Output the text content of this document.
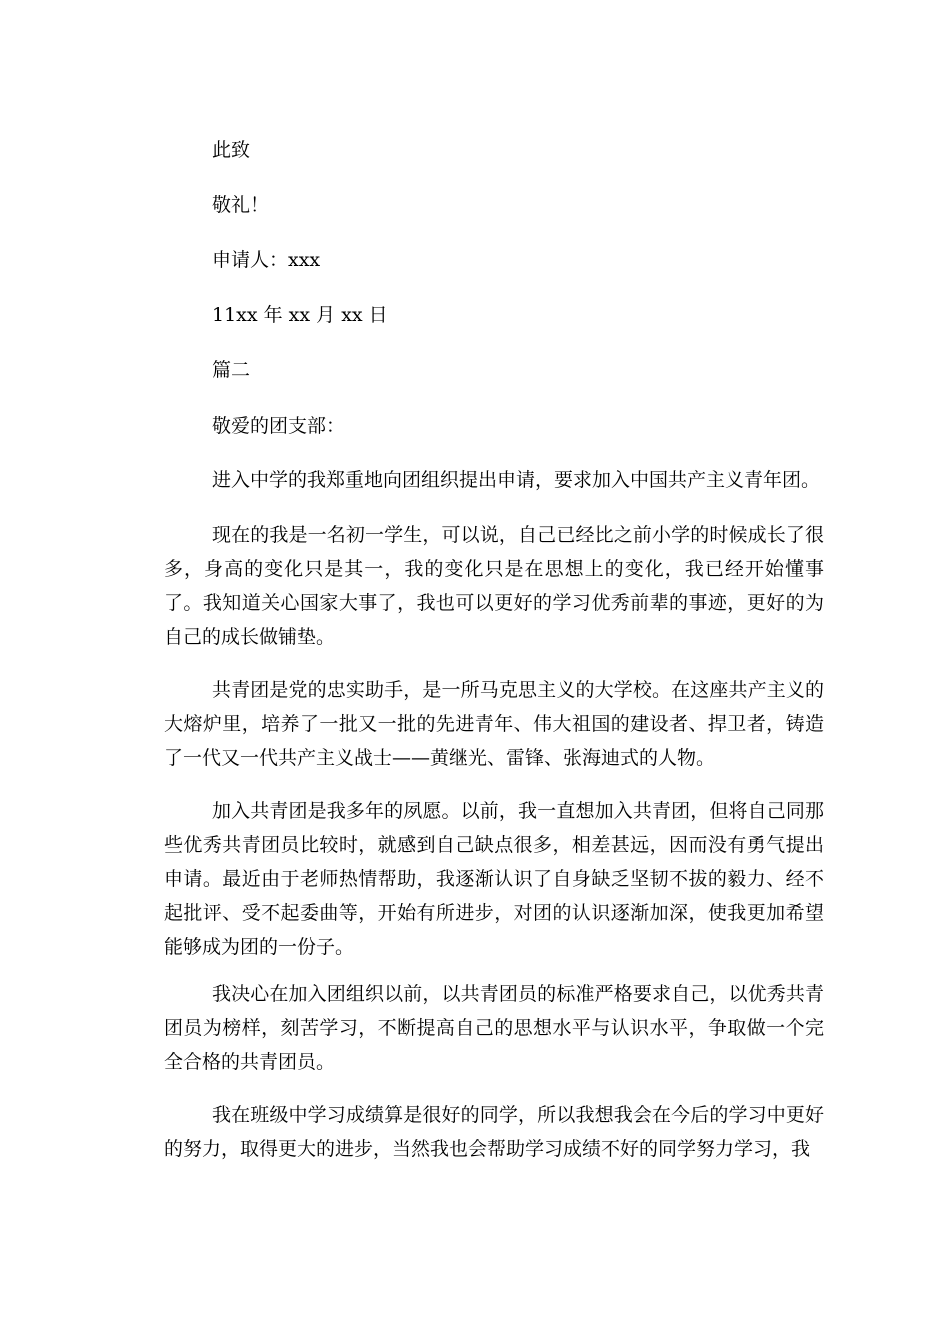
此致
敬礼！
申请人：xxx
11xx 年 xx 月 xx 日
篇二
敬爱的团支部：
进入中学的我郑重地向团组织提出申请，要求加入中国共产主义青年团。
现在的我是一名初一学生，可以说，自己已经比之前小学的时候成长了很多，身高的变化只是其一，我的变化只是在思想上的变化，我已经开始懂事了。我知道关心国家大事了，我也可以更好的学习优秀前辈的事迹，更好的为自己的成长做铺垫。
共青团是党的忠实助手，是一所马克思主义的大学校。在这座共产主义的大熔炉里，培养了一批又一批的先进青年、伟大祖国的建设者、捍卫者，铸造了一代又一代共产主义战士——黄继光、雷锋、张海迪式的人物。
加入共青团是我多年的夙愿。以前，我一直想加入共青团，但将自己同那些优秀共青团员比较时，就感到自己缺点很多，相差甚远，因而没有勇气提出申请。最近由于老师热情帮助，我逐渐认识了自身缺乏坚韧不拔的毅力、经不起批评、受不起委曲等，开始有所进步，对团的认识逐渐加深，使我更加希望能够成为团的一份子。
我决心在加入团组织以前，以共青团员的标准严格要求自己，以优秀共青团员为榜样，刻苦学习，不断提高自己的思想水平与认识水平，争取做一个完全合格的共青团员。
我在班级中学习成绩算是很好的同学，所以我想我会在今后的学习中更好的努力，取得更大的进步，当然我也会帮助学习成绩不好的同学努力学习，我
